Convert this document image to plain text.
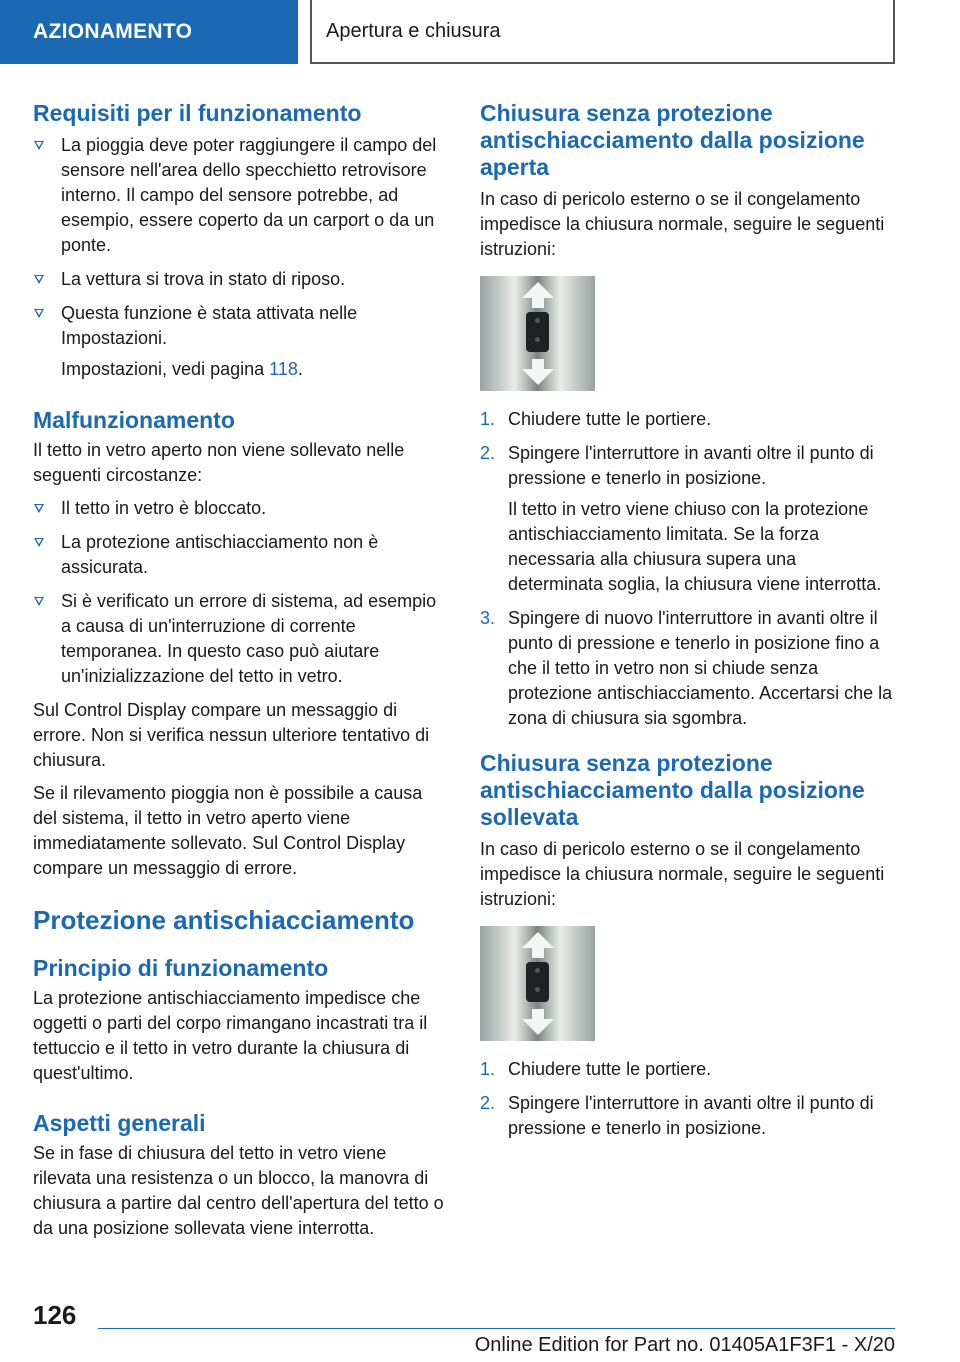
AZIONAMENTO	Apertura e chiusura
Requisiti per il funzionamento
La pioggia deve poter raggiungere il campo del sensore nell'area dello specchietto retrovisore interno. Il campo del sensore potrebbe, ad esempio, essere coperto da un carport o da un ponte.
La vettura si trova in stato di riposo.
Questa funzione è stata attivata nelle Impostazioni.
Impostazioni, vedi pagina 118.
Malfunzionamento

Il tetto in vetro aperto non viene sollevato nelle seguenti circostanze:

Il tetto in vetro è bloccato.
La protezione antischiacciamento non è assicurata.
Si è verificato un errore di sistema, ad esempio a causa di un'interruzione di corrente temporanea. In questo caso può aiutare un'inizializzazione del tetto in vetro.

Sul Control Display compare un messaggio di errore. Non si verifica nessun ulteriore tentativo di chiusura.

Se il rilevamento pioggia non è possibile a causa del sistema, il tetto in vetro aperto viene immediatamente sollevato. Sul Control Display compare un messaggio di errore.

Protezione antischiacciamento
Principio di funzionamento

La protezione antischiacciamento impedisce che oggetti o parti del corpo rimangano incastrati tra il tettuccio e il tetto in vetro durante la chiusura di quest'ultimo.

Aspetti generali

Se in fase di chiusura del tetto in vetro viene rilevata una resistenza o un blocco, la manovra di chiusura a partire dal centro dell'apertura del tetto o da una posizione sollevata viene interrotta.

Chiusura senza protezione antischiacciamento dalla posizione aperta

In caso di pericolo esterno o se il congelamento impedisce la chiusura normale, seguire le seguenti istruzioni:

1. Chiudere tutte le portiere.
2. Spingere l'interruttore in avanti oltre il punto di pressione e tenerlo in posizione.
Il tetto in vetro viene chiuso con la protezione antischiacciamento limitata. Se la forza necessaria alla chiusura supera una determinata soglia, la chiusura viene interrotta.
3. Spingere di nuovo l'interruttore in avanti oltre il punto di pressione e tenerlo in posizione fino a che il tetto in vetro non si chiude senza protezione antischiacciamento. Accertarsi che la zona di chiusura sia sgombra.
Chiusura senza protezione antischiacciamento dalla posizione sollevata

In caso di pericolo esterno o se il congelamento impedisce la chiusura normale, seguire le seguenti istruzioni:

1. Chiudere tutte le portiere.
2. Spingere l'interruttore in avanti oltre il punto di pressione e tenerlo in posizione.
126
Online Edition for Part no. 01405A1F3F1 - X/20
